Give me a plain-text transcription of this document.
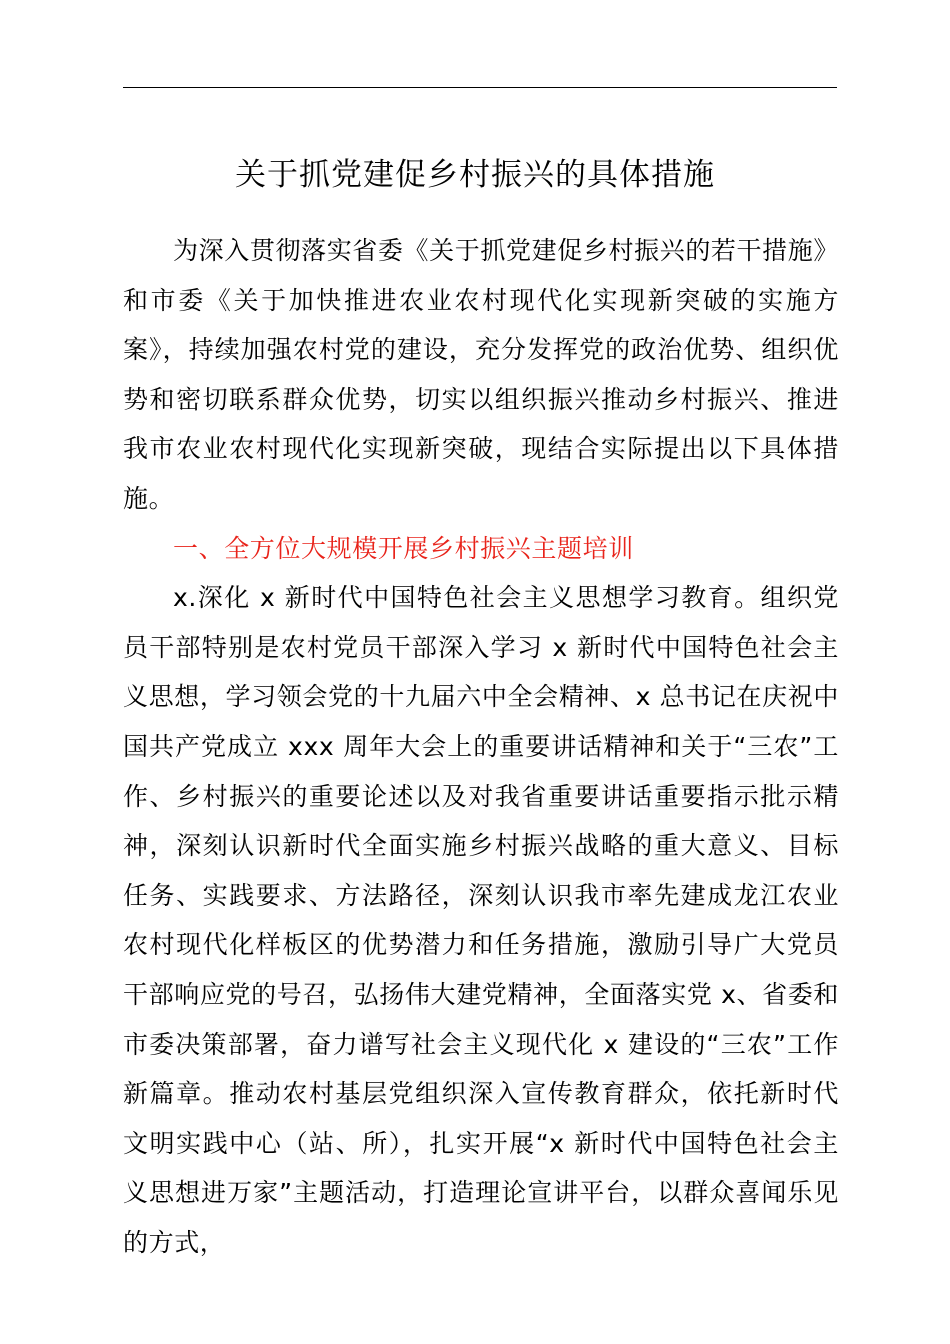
关于抓党建促乡村振兴的具体措施

为深入贯彻落实省委《关于抓党建促乡村振兴的若干措施》和市委《关于加快推进农业农村现代化实现新突破的实施方案》，持续加强农村党的建设，充分发挥党的政治优势、组织优势和密切联系群众优势，切实以组织振兴推动乡村振兴、推进我市农业农村现代化实现新突破，现结合实际提出以下具体措施。

一、全方位大规模开展乡村振兴主题培训

x.深化 x 新时代中国特色社会主义思想学习教育。组织党员干部特别是农村党员干部深入学习 x 新时代中国特色社会主义思想，学习领会党的十九届六中全会精神、x 总书记在庆祝中国共产党成立 xxx 周年大会上的重要讲话精神和关于“三农”工作、乡村振兴的重要论述以及对我省重要讲话重要指示批示精神，深刻认识新时代全面实施乡村振兴战略的重大意义、目标任务、实践要求、方法路径，深刻认识我市率先建成龙江农业农村现代化样板区的优势潜力和任务措施，激励引导广大党员干部响应党的号召，弘扬伟大建党精神，全面落实党 x、省委和市委决策部署，奋力谱写社会主义现代化 x 建设的“三农”工作新篇章。推动农村基层党组织深入宣传教育群众，依托新时代文明实践中心（站、所），扎实开展“x 新时代中国特色社会主义思想进万家”主题活动，打造理论宣讲平台，以群众喜闻乐见的方式，
